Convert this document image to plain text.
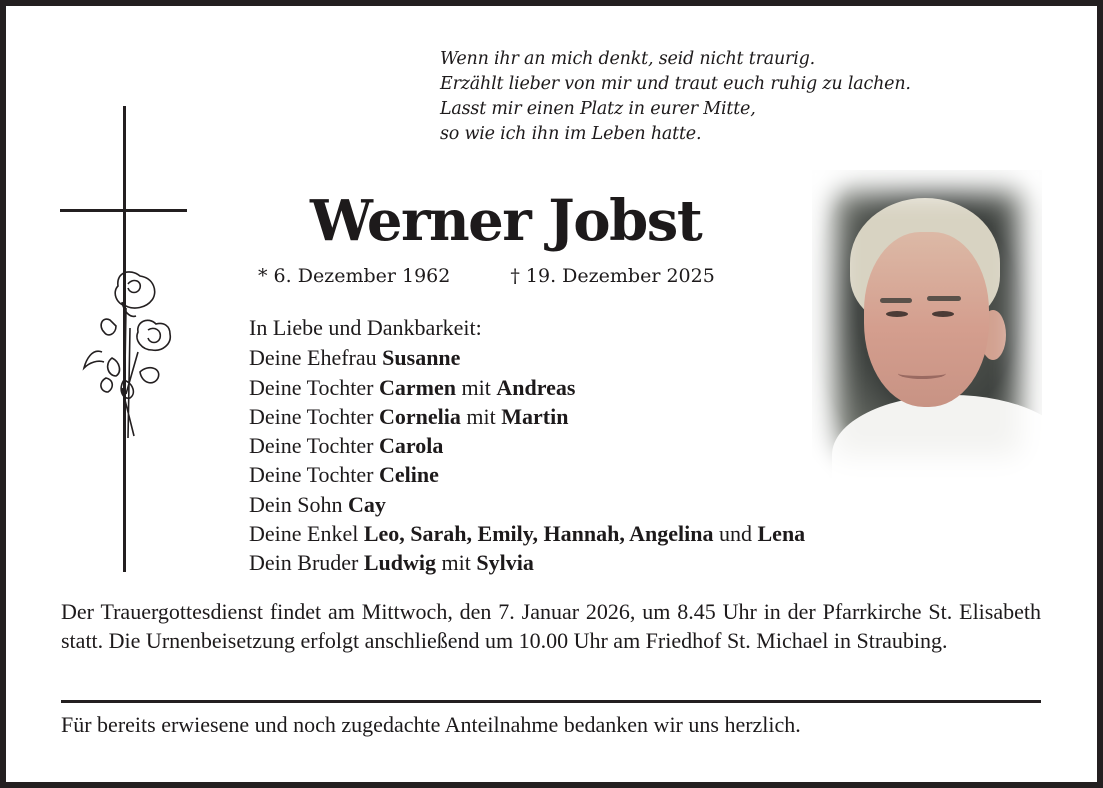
Wenn ihr an mich denkt, seid nicht traurig.
Erzählt lieber von mir und traut euch ruhig zu lachen.
Lasst mir einen Platz in eurer Mitte,
so wie ich ihn im Leben hatte.
Werner Jobst
* 6. Dezember 1962	† 19. Dezember 2025
In Liebe und Dankbarkeit:
Deine Ehefrau Susanne
Deine Tochter Carmen mit Andreas
Deine Tochter Cornelia mit Martin
Deine Tochter Carola
Deine Tochter Celine
Dein Sohn Cay
Deine Enkel Leo, Sarah, Emily, Hannah, Angelina und Lena
Dein Bruder Ludwig mit Sylvia
Der Trauergottesdienst findet am Mittwoch, den 7. Januar 2026, um 8.45 Uhr in der Pfarrkirche St. Elisabeth statt. Die Urnenbeisetzung erfolgt anschließend um 10.00 Uhr am Friedhof St. Michael in Straubing.
Für bereits erwiesene und noch zugedachte Anteilnahme bedanken wir uns herzlich.
